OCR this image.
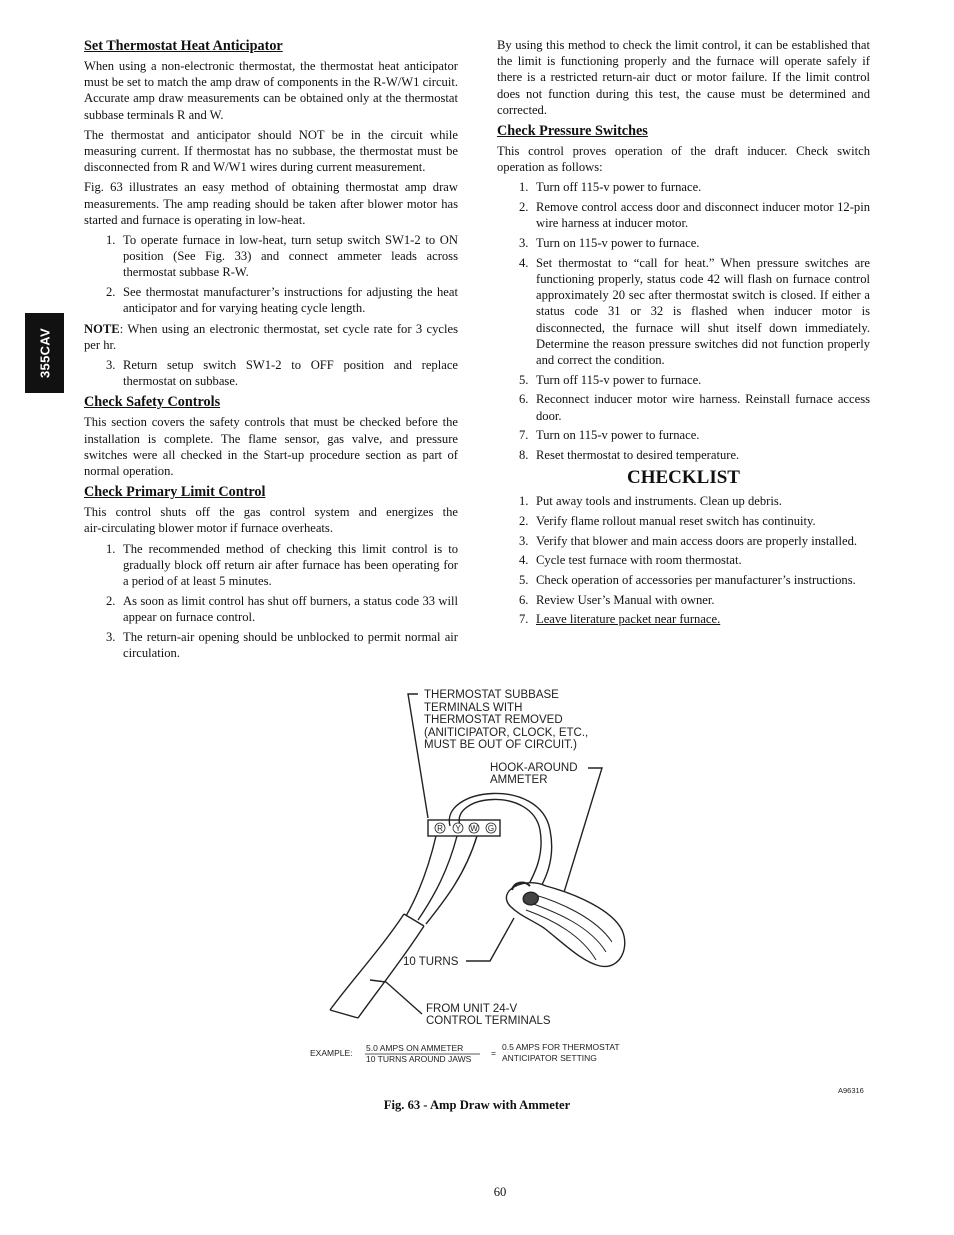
355CAV
Set Thermostat Heat Anticipator

When using a non‑electronic thermostat, the thermostat heat anticipator must be set to match the amp draw of components in the R‑W/W1 circuit. Accurate amp draw measurements can be obtained only at the thermostat subbase terminals R and W.

The thermostat and anticipator should NOT be in the circuit while measuring current. If thermostat has no subbase, the thermostat must be disconnected from R and W/W1 wires during current measurement.

Fig. 63 illustrates an easy method of obtaining thermostat amp draw measurements. The amp reading should be taken after blower motor has started and furnace is operating in low‑heat.

1. To operate furnace in low‑heat, turn setup switch SW1‑2 to ON position (See Fig. 33) and connect ammeter leads across thermostat subbase R‑W.
2. See thermostat manufacturer’s instructions for adjusting the heat anticipator and for varying heating cycle length.

NOTE: When using an electronic thermostat, set cycle rate for 3 cycles per hr.

3. Return setup switch SW1‑2 to OFF position and replace thermostat on subbase.
Check Safety Controls

This section covers the safety controls that must be checked before the installation is complete. The flame sensor, gas valve, and pressure switches were all checked in the Start‑up procedure section as part of normal operation.

Check Primary Limit Control

This control shuts off the gas control system and energizes the air‑circulating blower motor if furnace overheats.

1. The recommended method of checking this limit control is to gradually block off return air after furnace has been operating for a period of at least 5 minutes.
2. As soon as limit control has shut off burners, a status code 33 will appear on furnace control.
3. The return‑air opening should be unblocked to permit normal air circulation.

By using this method to check the limit control, it can be established that the limit is functioning properly and the furnace will operate safely if there is a restricted return‑air duct or motor failure. If the limit control does not function during this test, the cause must be determined and corrected.

Check Pressure Switches

This control proves operation of the draft inducer. Check switch operation as follows:

1. Turn off 115‑v power to furnace.
2. Remove control access door and disconnect inducer motor 12‑pin wire harness at inducer motor.
3. Turn on 115‑v power to furnace.
4. Set thermostat to “call for heat.” When pressure switches are functioning properly, status code 42 will flash on furnace control approximately 20 sec after thermostat switch is closed. If either a status code 31 or 32 is flashed when inducer motor is disconnected, the furnace will shut itself down immediately. Determine the reason pressure switches did not function properly and correct the condition.
5. Turn off 115‑v power to furnace.
6. Reconnect inducer motor wire harness. Reinstall furnace access door.
7. Turn on 115‑v power to furnace.
8. Reset thermostat to desired temperature.
CHECKLIST
1. Put away tools and instruments. Clean up debris.
2. Verify flame rollout manual reset switch has continuity.
3. Verify that blower and main access doors are properly installed.
4. Cycle test furnace with room thermostat.
5. Check operation of accessories per manufacturer’s instructions.
6. Review User’s Manual with owner.
7. Leave literature packet near furnace.
R Y W G
THERMOSTAT SUBBASE
TERMINALS WITH
THERMOSTAT REMOVED
(ANITICIPATOR, CLOCK, ETC.,
MUST BE OUT OF CIRCUIT.)
HOOK-AROUND
AMMETER
10 TURNS
FROM UNIT 24-V
CONTROL TERMINALS
EXAMPLE: 5.0 AMPS ON AMMETER
10 TURNS AROUND JAWS
=
0.5 AMPS FOR THERMOSTAT
ANTICIPATOR SETTING
A96316
Fig. 63 ‑ Amp Draw with Ammeter
60
